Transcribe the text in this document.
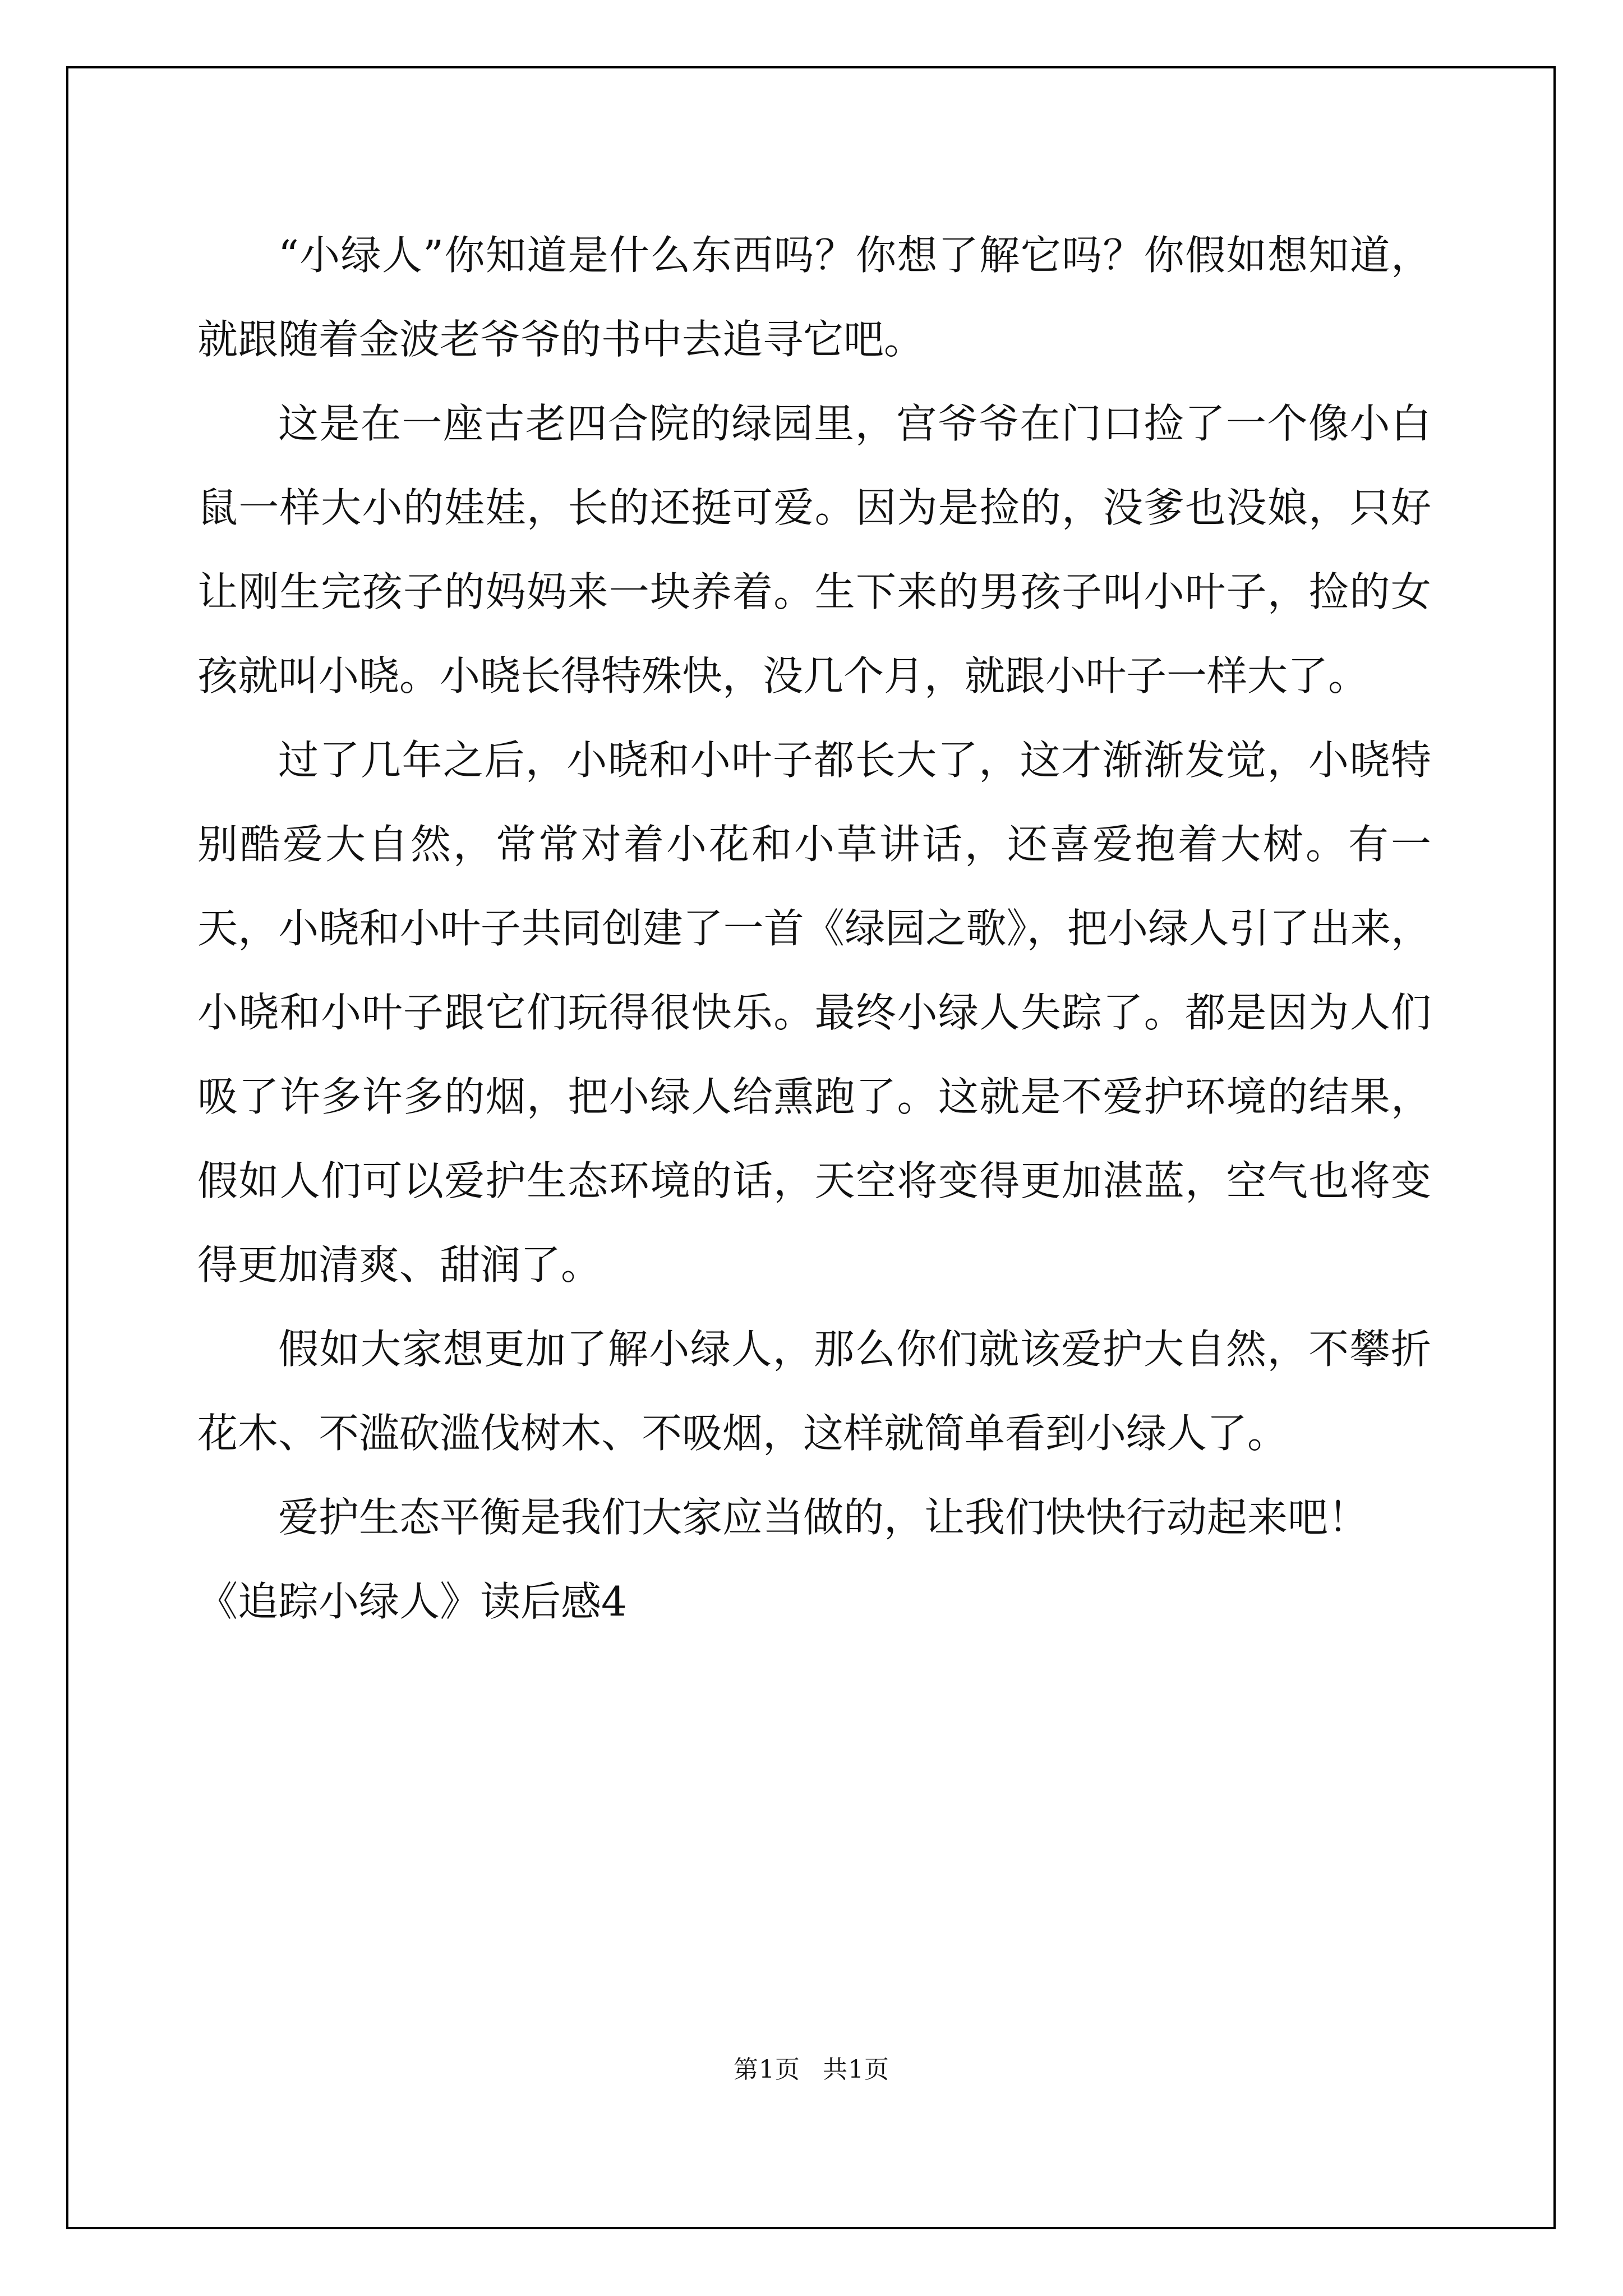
“小绿人”你知道是什么东西吗？你想了解它吗？你假如想知道，就跟随着金波老爷爷的书中去追寻它吧。

这是在一座古老四合院的绿园里，宫爷爷在门口捡了一个像小白鼠一样大小的娃娃，长的还挺可爱。因为是捡的，没爹也没娘，只好让刚生完孩子的妈妈来一块养着。生下来的男孩子叫小叶子，捡的女孩就叫小晓。小晓长得特殊快，没几个月，就跟小叶子一样大了。

过了几年之后，小晓和小叶子都长大了，这才渐渐发觉，小晓特别酷爱大自然，常常对着小花和小草讲话，还喜爱抱着大树。有一天，小晓和小叶子共同创建了一首《绿园之歌》，把小绿人引了出来，小晓和小叶子跟它们玩得很快乐。最终小绿人失踪了。都是因为人们吸了许多许多的烟，把小绿人给熏跑了。这就是不爱护环境的结果，假如人们可以爱护生态环境的话，天空将变得更加湛蓝，空气也将变得更加清爽、甜润了。

假如大家想更加了解小绿人，那么你们就该爱护大自然，不攀折花木、不滥砍滥伐树木、不吸烟，这样就简单看到小绿人了。

爱护生态平衡是我们大家应当做的，让我们快快行动起来吧！

《追踪小绿人》读后感4

第1页 共1页
